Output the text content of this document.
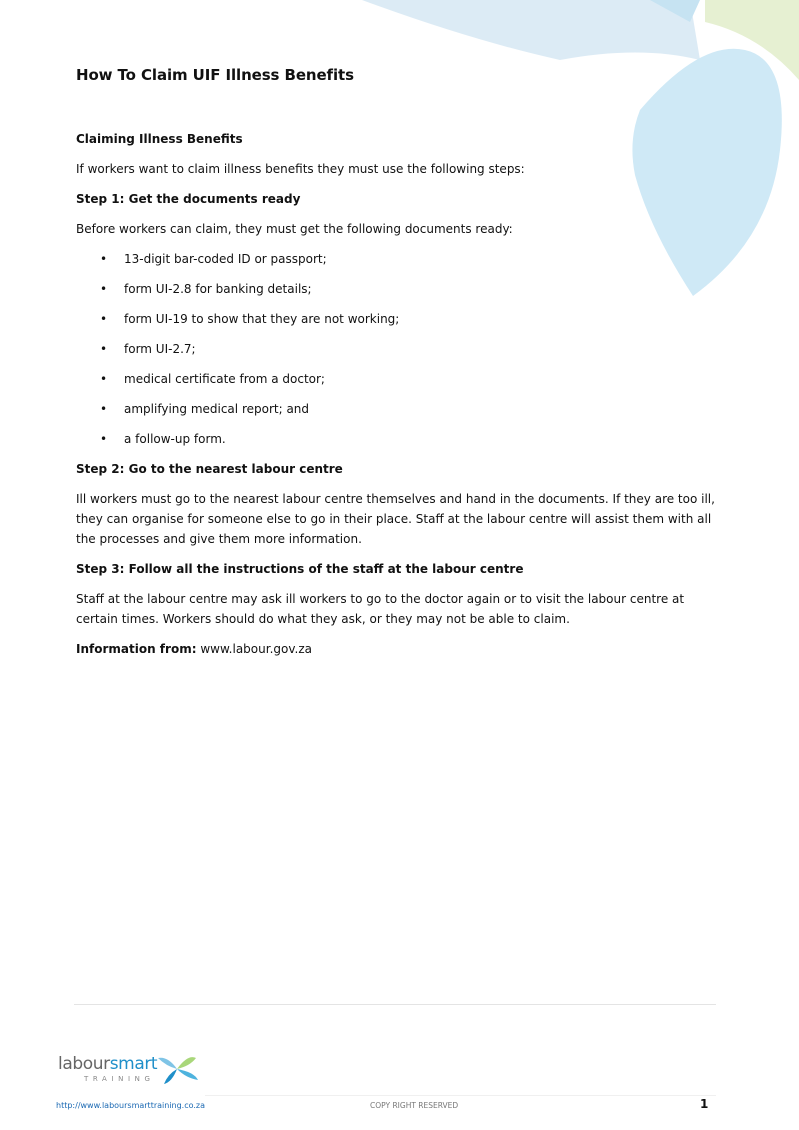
How To Claim UIF Illness Benefits

Claiming Illness Benefits

If workers want to claim illness benefits they must use the following steps:

Step 1: Get the documents ready

Before workers can claim, they must get the following documents ready:

• 13-digit bar-coded ID or passport;
• form UI-2.8 for banking details;
• form UI-19 to show that they are not working;
• form UI-2.7;
• medical certificate from a doctor;
• amplifying medical report; and
• a follow-up form.

Step 2: Go to the nearest labour centre

Ill workers must go to the nearest labour centre themselves and hand in the documents. If they are too ill, they can organise for someone else to go in their place. Staff at the labour centre will assist them with all the processes and give them more information.

Step 3: Follow all the instructions of the staff at the labour centre

Staff at the labour centre may ask ill workers to go to the doctor again or to visit the labour centre at certain times. Workers should do what they ask, or they may not be able to claim.

Information from: www.labour.gov.za

laboursmart
TRAINING
http://www.laboursmarttraining.co.za	COPY RIGHT RESERVED	1
